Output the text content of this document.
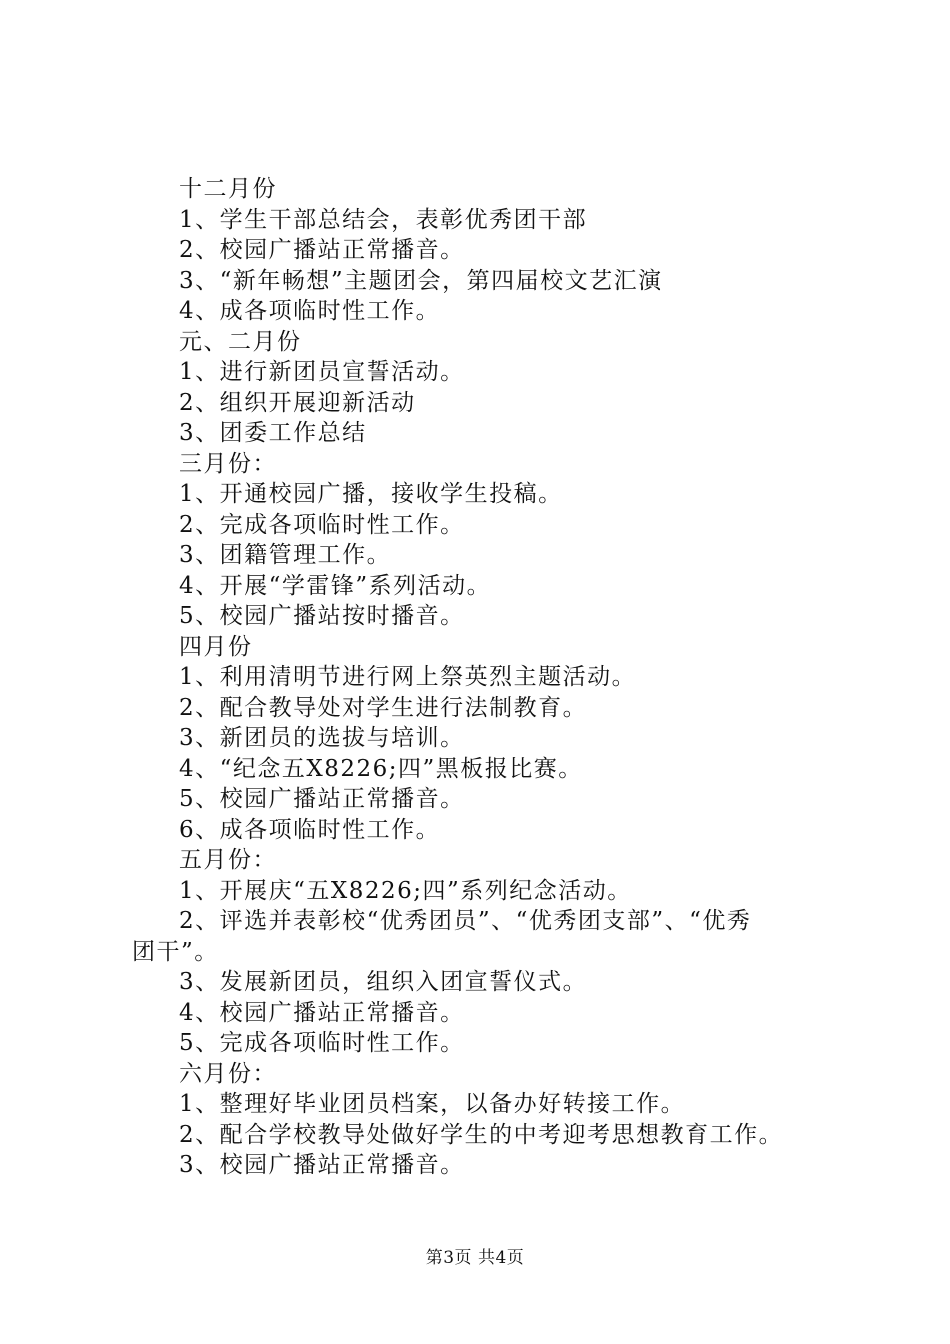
十二月份
1、学生干部总结会，表彰优秀团干部
2、校园广播站正常播音。
3、“新年畅想”主题团会，第四届校文艺汇演
4、成各项临时性工作。
元、二月份
1、进行新团员宣誓活动。
2、组织开展迎新活动
3、团委工作总结
三月份：
1、开通校园广播，接收学生投稿。
2、完成各项临时性工作。
3、团籍管理工作。
4、开展“学雷锋”系列活动。
5、校园广播站按时播音。
四月份
1、利用清明节进行网上祭英烈主题活动。
2、配合教导处对学生进行法制教育。
3、新团员的选拔与培训。
4、“纪念五X8226;四”黑板报比赛。
5、校园广播站正常播音。
6、成各项临时性工作。
五月份：
1、开展庆“五X8226;四”系列纪念活动。
2、评选并表彰校“优秀团员”、“优秀团支部”、“优秀
团干”。
3、发展新团员，组织入团宣誓仪式。
4、校园广播站正常播音。
5、完成各项临时性工作。
六月份：
1、整理好毕业团员档案，以备办好转接工作。
2、配合学校教导处做好学生的中考迎考思想教育工作。
3、校园广播站正常播音。
第3页 共4页
